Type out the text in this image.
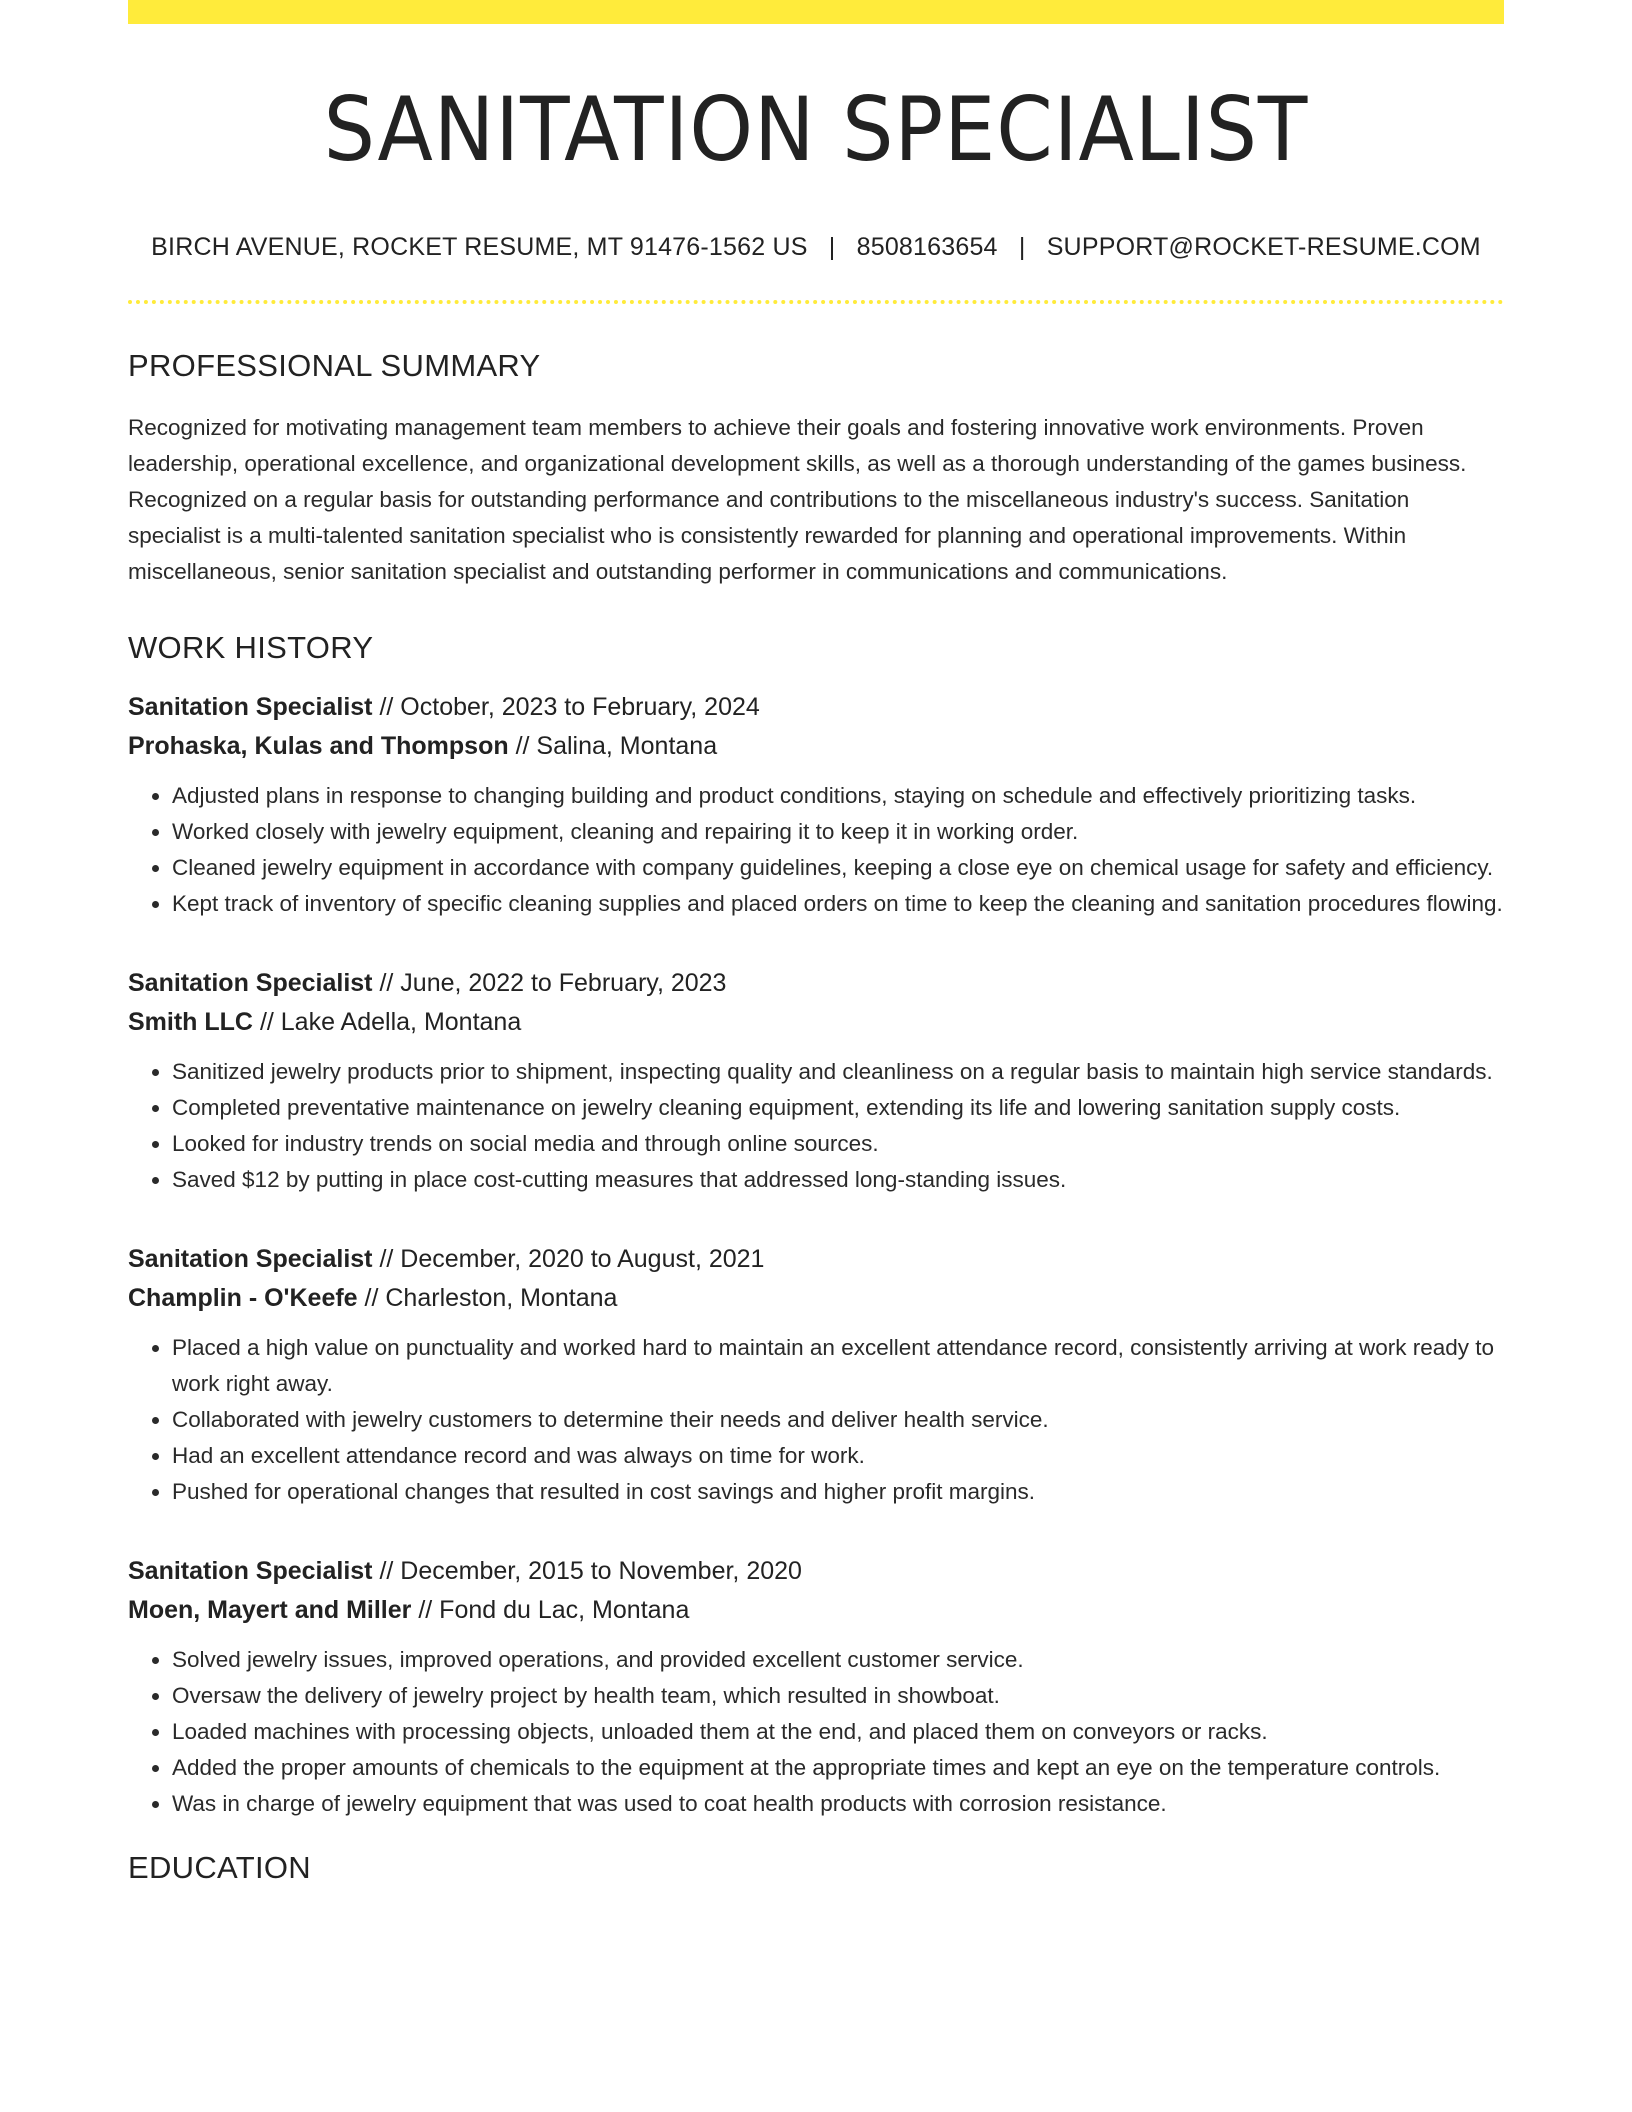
SANITATION SPECIALIST
BIRCH AVENUE, ROCKET RESUME, MT 91476-1562 US | 8508163654 | SUPPORT@ROCKET-RESUME.COM
PROFESSIONAL SUMMARY

Recognized for motivating management team members to achieve their goals and fostering innovative work environments. Proven leadership, operational excellence, and organizational development skills, as well as a thorough understanding of the games business. Recognized on a regular basis for outstanding performance and contributions to the miscellaneous industry's success. Sanitation specialist is a multi-talented sanitation specialist who is consistently rewarded for planning and operational improvements. Within miscellaneous, senior sanitation specialist and outstanding performer in communications and communications.

WORK HISTORY
Sanitation Specialist // October, 2023 to February, 2024
Prohaska, Kulas and Thompson // Salina, Montana
• Adjusted plans in response to changing building and product conditions, staying on schedule and effectively prioritizing tasks.
• Worked closely with jewelry equipment, cleaning and repairing it to keep it in working order.
• Cleaned jewelry equipment in accordance with company guidelines, keeping a close eye on chemical usage for safety and efficiency.
• Kept track of inventory of specific cleaning supplies and placed orders on time to keep the cleaning and sanitation procedures flowing.
Sanitation Specialist // June, 2022 to February, 2023
Smith LLC // Lake Adella, Montana
• Sanitized jewelry products prior to shipment, inspecting quality and cleanliness on a regular basis to maintain high service standards.
• Completed preventative maintenance on jewelry cleaning equipment, extending its life and lowering sanitation supply costs.
• Looked for industry trends on social media and through online sources.
• Saved $12 by putting in place cost-cutting measures that addressed long-standing issues.
Sanitation Specialist // December, 2020 to August, 2021
Champlin - O'Keefe // Charleston, Montana
• Placed a high value on punctuality and worked hard to maintain an excellent attendance record, consistently arriving at work ready to work right away.
• Collaborated with jewelry customers to determine their needs and deliver health service.
• Had an excellent attendance record and was always on time for work.
• Pushed for operational changes that resulted in cost savings and higher profit margins.
Sanitation Specialist // December, 2015 to November, 2020
Moen, Mayert and Miller // Fond du Lac, Montana
• Solved jewelry issues, improved operations, and provided excellent customer service.
• Oversaw the delivery of jewelry project by health team, which resulted in showboat.
• Loaded machines with processing objects, unloaded them at the end, and placed them on conveyors or racks.
• Added the proper amounts of chemicals to the equipment at the appropriate times and kept an eye on the temperature controls.
• Was in charge of jewelry equipment that was used to coat health products with corrosion resistance.
EDUCATION
